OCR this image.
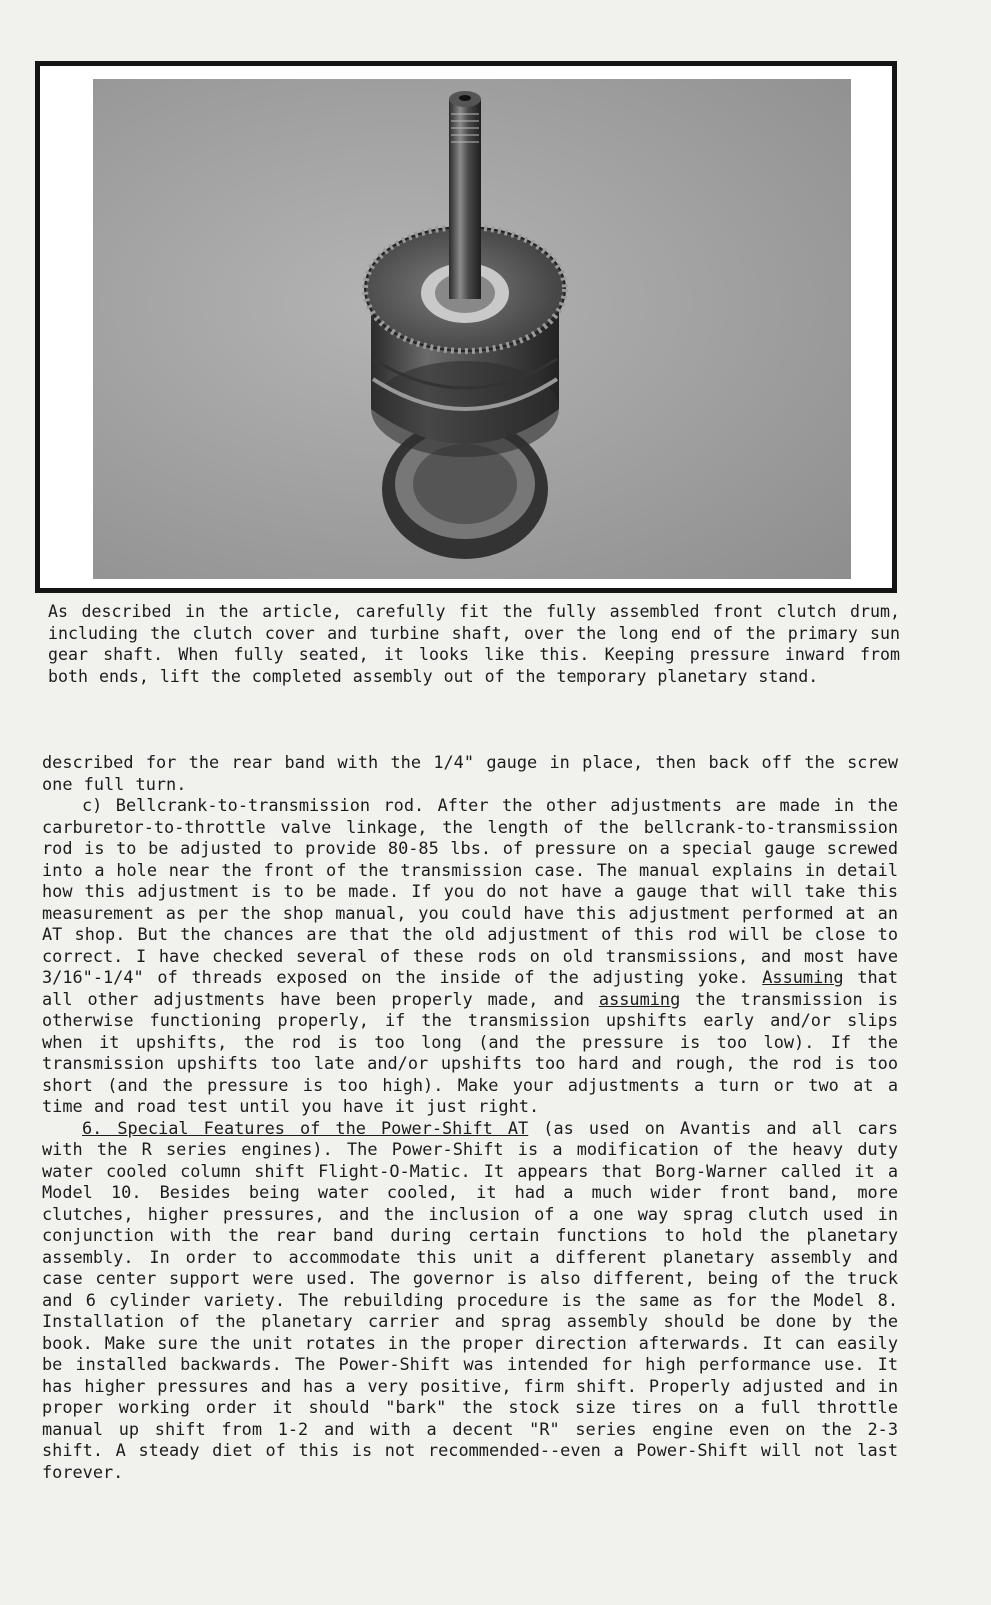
As described in the article, carefully fit the fully assembled front clutch drum, including the clutch cover and turbine shaft, over the long end of the primary sun gear shaft. When fully seated, it looks like this. Keeping pressure inward from both ends, lift the completed assembly out of the temporary planetary stand.

described for the rear band with the 1/4" gauge in place, then back off the screw one full turn.

c) Bellcrank-to-transmission rod. After the other adjustments are made in the carburetor-to-throttle valve linkage, the length of the bellcrank-to-transmission rod is to be adjusted to provide 80-85 lbs. of pressure on a special gauge screwed into a hole near the front of the transmission case. The manual explains in detail how this adjustment is to be made. If you do not have a gauge that will take this measurement as per the shop manual, you could have this adjustment performed at an AT shop. But the chances are that the old adjustment of this rod will be close to correct. I have checked several of these rods on old transmissions, and most have 3/16"-1/4" of threads exposed on the inside of the adjusting yoke. Assuming that all other adjustments have been properly made, and assuming the transmission is otherwise functioning properly, if the transmission upshifts early and/or slips when it upshifts, the rod is too long (and the pressure is too low). If the transmission upshifts too late and/or upshifts too hard and rough, the rod is too short (and the pressure is too high). Make your adjustments a turn or two at a time and road test until you have it just right.

6. Special Features of the Power-Shift AT (as used on Avantis and all cars with the R series engines). The Power-Shift is a modification of the heavy duty water cooled column shift Flight-O-Matic. It appears that Borg-Warner called it a Model 10. Besides being water cooled, it had a much wider front band, more clutches, higher pressures, and the inclusion of a one way sprag clutch used in conjunction with the rear band during certain functions to hold the planetary assembly. In order to accommodate this unit a different planetary assembly and case center support were used. The governor is also different, being of the truck and 6 cylinder variety. The rebuilding procedure is the same as for the Model 8. Installation of the planetary carrier and sprag assembly should be done by the book. Make sure the unit rotates in the proper direction afterwards. It can easily be installed backwards. The Power-Shift was intended for high performance use. It has higher pressures and has a very positive, firm shift. Properly adjusted and in proper working order it should "bark" the stock size tires on a full throttle manual up shift from 1-2 and with a decent "R" series engine even on the 2-3 shift. A steady diet of this is not recommended--even a Power-Shift will not last forever.
